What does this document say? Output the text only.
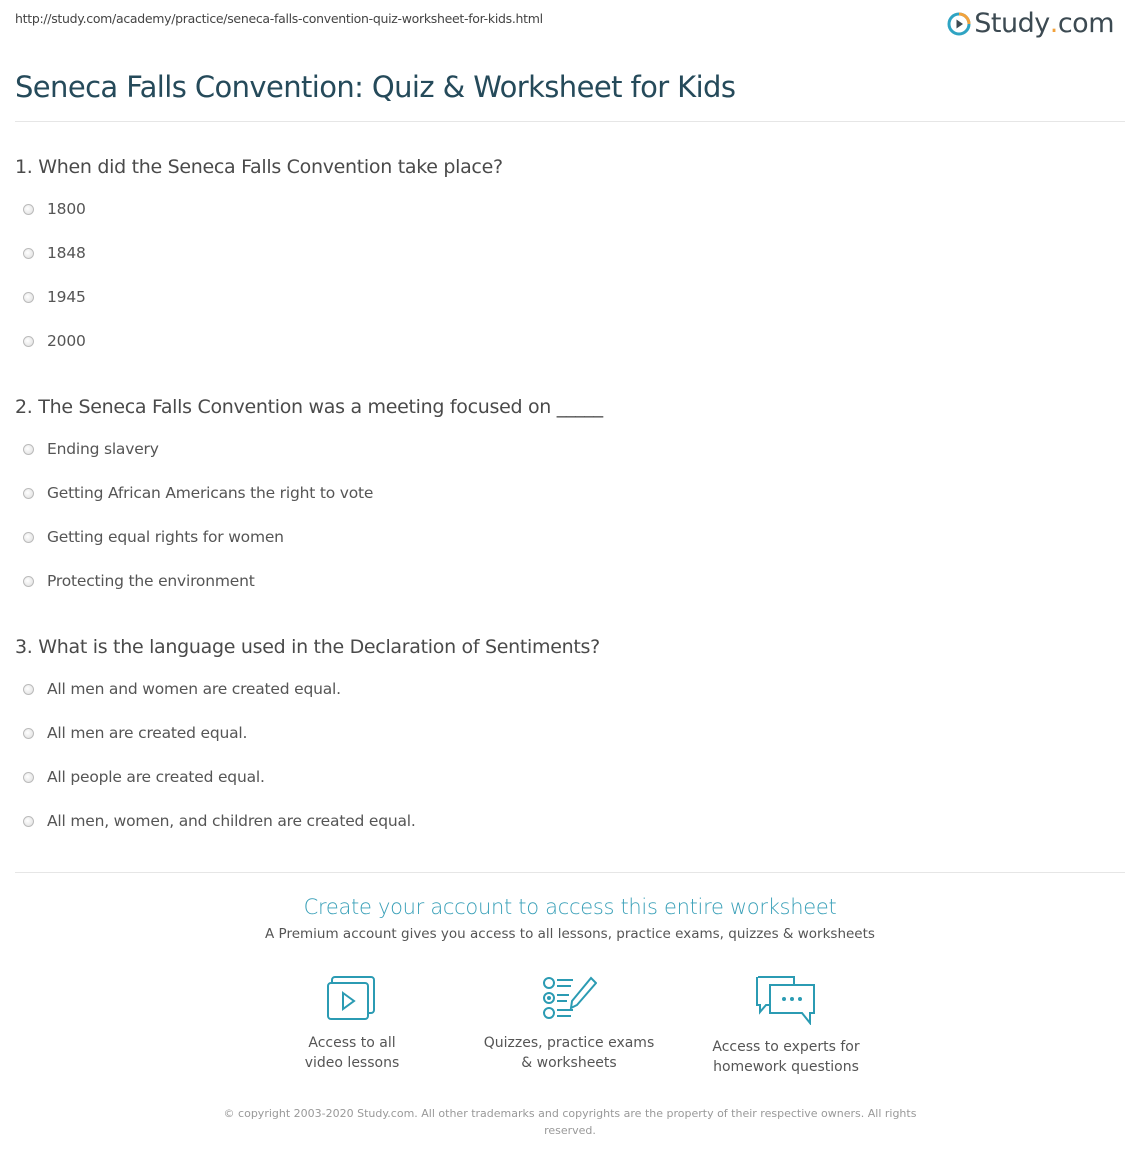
http://study.com/academy/practice/seneca-falls-convention-quiz-worksheet-for-kids.html	Study . com
Seneca Falls Convention: Quiz & Worksheet for Kids
1. When did the Seneca Falls Convention take place?
1800
1848
1945
2000
2. The Seneca Falls Convention was a meeting focused on _____
Ending slavery
Getting African Americans the right to vote
Getting equal rights for women
Protecting the environment
3. What is the language used in the Declaration of Sentiments?
All men and women are created equal.
All men are created equal.
All people are created equal.
All men, women, and children are created equal.
Create your account to access this entire worksheet
A Premium account gives you access to all lessons, practice exams, quizzes & worksheets
Access to all
video lessons
Quizzes, practice exams
& worksheets
Access to experts for
homework questions
© copyright 2003-2020 Study.com. All other trademarks and copyrights are the property of their respective owners. All rights reserved.
